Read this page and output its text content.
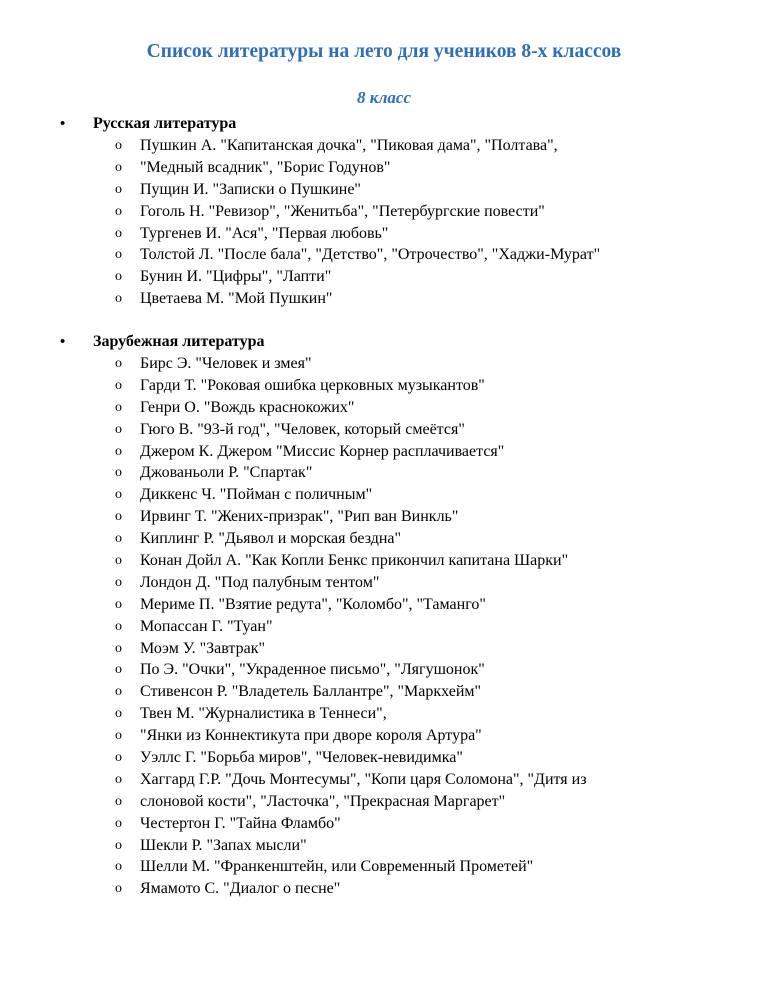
Список литературы на лето для учеников 8-х классов
8 класс
• Русская литература
o Пушкин А. "Капитанская дочка", "Пиковая дама", "Полтава",
o "Медный всадник", "Борис Годунов"
o Пущин И. "Записки о Пушкине"
o Гоголь Н. "Ревизор", "Женитьба", "Петербургские повести"
o Тургенев И. "Ася", "Первая любовь"
o Толстой Л. "После бала", "Детство", "Отрочество", "Хаджи-Мурат"
o Бунин И. "Цифры", "Лапти"
o Цветаева М. "Мой Пушкин"
• Зарубежная литература
o Бирс Э. "Человек и змея"
o Гарди Т. "Роковая ошибка церковных музыкантов"
o Генри О. "Вождь краснокожих"
o Гюго В. "93-й год", "Человек, который смеётся"
o Джером К. Джером "Миссис Корнер расплачивается"
o Джованьоли Р. "Спартак"
o Диккенс Ч. "Пойман с поличным"
o Ирвинг Т. "Жених-призрак", "Рип ван Винкль"
o Киплинг Р. "Дьявол и морская бездна"
o Конан Дойл А. "Как Копли Бенкс прикончил капитана Шарки"
o Лондон Д. "Под палубным тентом"
o Мериме П. "Взятие редута", "Коломбо", "Таманго"
o Мопассан Г. "Туан"
o Моэм У. "Завтрак"
o По Э. "Очки", "Украденное письмо", "Лягушонок"
o Стивенсон Р. "Владетель Баллантре", "Маркхейм"
o Твен М. "Журналистика в Теннеси",
o "Янки из Коннектикута при дворе короля Артура"
o Уэллс Г. "Борьба миров", "Человек-невидимка"
o Хаггард Г.Р. "Дочь Монтесумы", "Копи царя Соломона", "Дитя из
o слоновой кости", "Ласточка", "Прекрасная Маргарет"
o Честертон Г. "Тайна Фламбо"
o Шекли Р. "Запах мысли"
o Шелли М. "Франкенштейн, или Современный Прометей"
o Ямамото С. "Диалог о песне"
